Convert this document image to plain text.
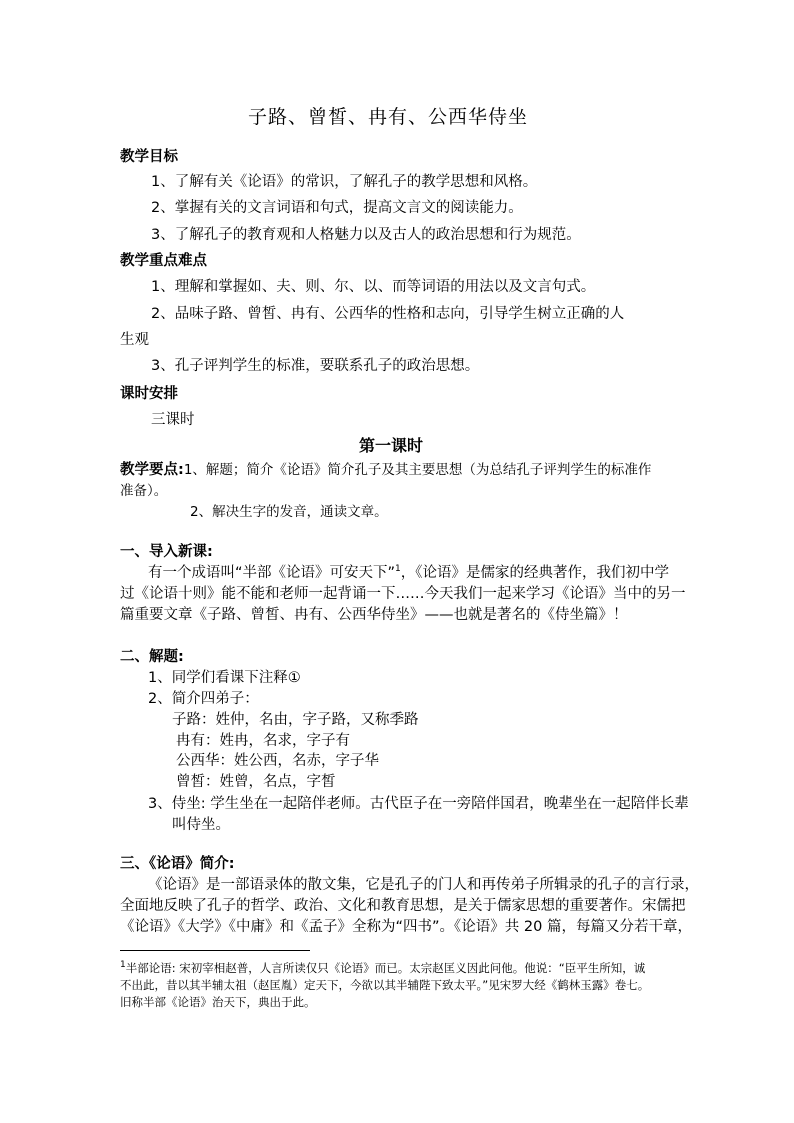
子路、曾皙、冉有、公西华侍坐
教学目标
1、了解有关《论语》的常识，了解孔子的教学思想和风格。
2、掌握有关的文言词语和句式，提高文言文的阅读能力。
3、了解孔子的教育观和人格魅力以及古人的政治思想和行为规范。
教学重点难点
1、理解和掌握如、夫、则、尔、以、而等词语的用法以及文言句式。
2、品味子路、曾皙、冉有、公西华的性格和志向，引导学生树立正确的人
生观
3、孔子评判学生的标准，要联系孔子的政治思想。
课时安排
三课时
第一课时
教学要点:1、解题；简介《论语》简介孔子及其主要思想（为总结孔子评判学生的标准作
准备）。
2、解决生字的发音，通读文章。
一、导入新课:
有一个成语叫“半部《论语》可安天下”$^1$，《论语》是儒家的经典著作，我们初中学
过《论语十则》能不能和老师一起背诵一下……今天我们一起来学习《论语》当中的另一
篇重要文章《子路、曾皙、冉有、公西华侍坐》——也就是著名的《侍坐篇》！
二、解题:
1、同学们看课下注释①
2、简介四弟子：
子路：姓仲，名由，字子路，又称季路
冉有：姓冉，名求，字子有
公西华：姓公西，名赤，字子华
曾皙：姓曾，名点，字皙
3、侍坐: 学生坐在一起陪伴老师。古代臣子在一旁陪伴国君，晚辈坐在一起陪伴长辈
叫侍坐。
三、《论语》简介:
《论语》是一部语录体的散文集，它是孔子的门人和再传弟子所辑录的孔子的言行录，
全面地反映了孔子的哲学、政治、文化和教育思想，是关于儒家思想的重要著作。宋儒把
《论语》《大学》《中庸》和《孟子》全称为“四书”。《论语》共 20 篇，每篇又分若干章，
$^1$半部论语: 宋初宰相赵普，人言所读仅只《论语》而已。太宗赵匡义因此问他。他说：“臣平生所知，诚
不出此，昔以其半辅太祖（赵匡胤）定天下，今欲以其半辅陛下致太平。”见宋罗大经《鹤林玉露》卷七。
旧称半部《论语》治天下，典出于此。
